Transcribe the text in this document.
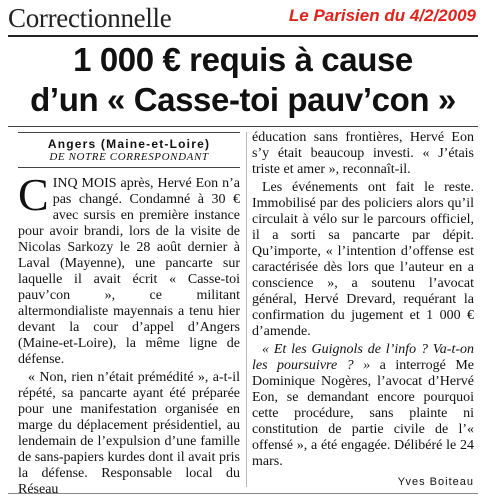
Correctionnelle	Le Parisien du 4/2/2009
1 000 € requis à cause
d’un « Casse-toi pauv’con »
Angers (Maine-et-Loire)
DE NOTRE CORRESPONDANT

CINQ MOIS après, Hervé Eon n’a pas changé. Condamné à 30 € avec sursis en première instance pour avoir brandi, lors de la visite de Nicolas Sarkozy le 28 août dernier à Laval (Mayenne), une pancarte sur laquelle il avait écrit « Casse-toi pauv’con », ce militant altermondialiste mayennais a tenu hier devant la cour d’appel d’Angers (Maine-et-Loire), la même ligne de défense.

« Non, rien n’était prémédité », a-t-il répété, sa pancarte ayant été préparée pour une manifestation organisée en marge du déplacement présidentiel, au lendemain de l’expulsion d’une famille de sans-papiers kurdes dont il avait pris la défense. Responsable local du Réseau

éducation sans frontières, Hervé Eon s’y était beaucoup investi. « J’étais triste et amer », reconnaît-il.

Les événements ont fait le reste. Immobilisé par des policiers alors qu’il circulait à vélo sur le parcours officiel, il a sorti sa pancarte par dépit. Qu’importe, « l’intention d’offense est caractérisée dès lors que l’auteur en a conscience », a soutenu l’avocat général, Hervé Drevard, requérant la confirmation du jugement et 1 000 € d’amende.

« Et les Guignols de l’info ? Va-t-on les poursuivre ? » a interrogé Me Dominique Nogères, l’avocat d’Hervé Eon, se demandant encore pourquoi cette procédure, sans plainte ni constitution de partie civile de l’« offensé », a été engagée. Délibéré le 24 mars.

Yves Boiteau
